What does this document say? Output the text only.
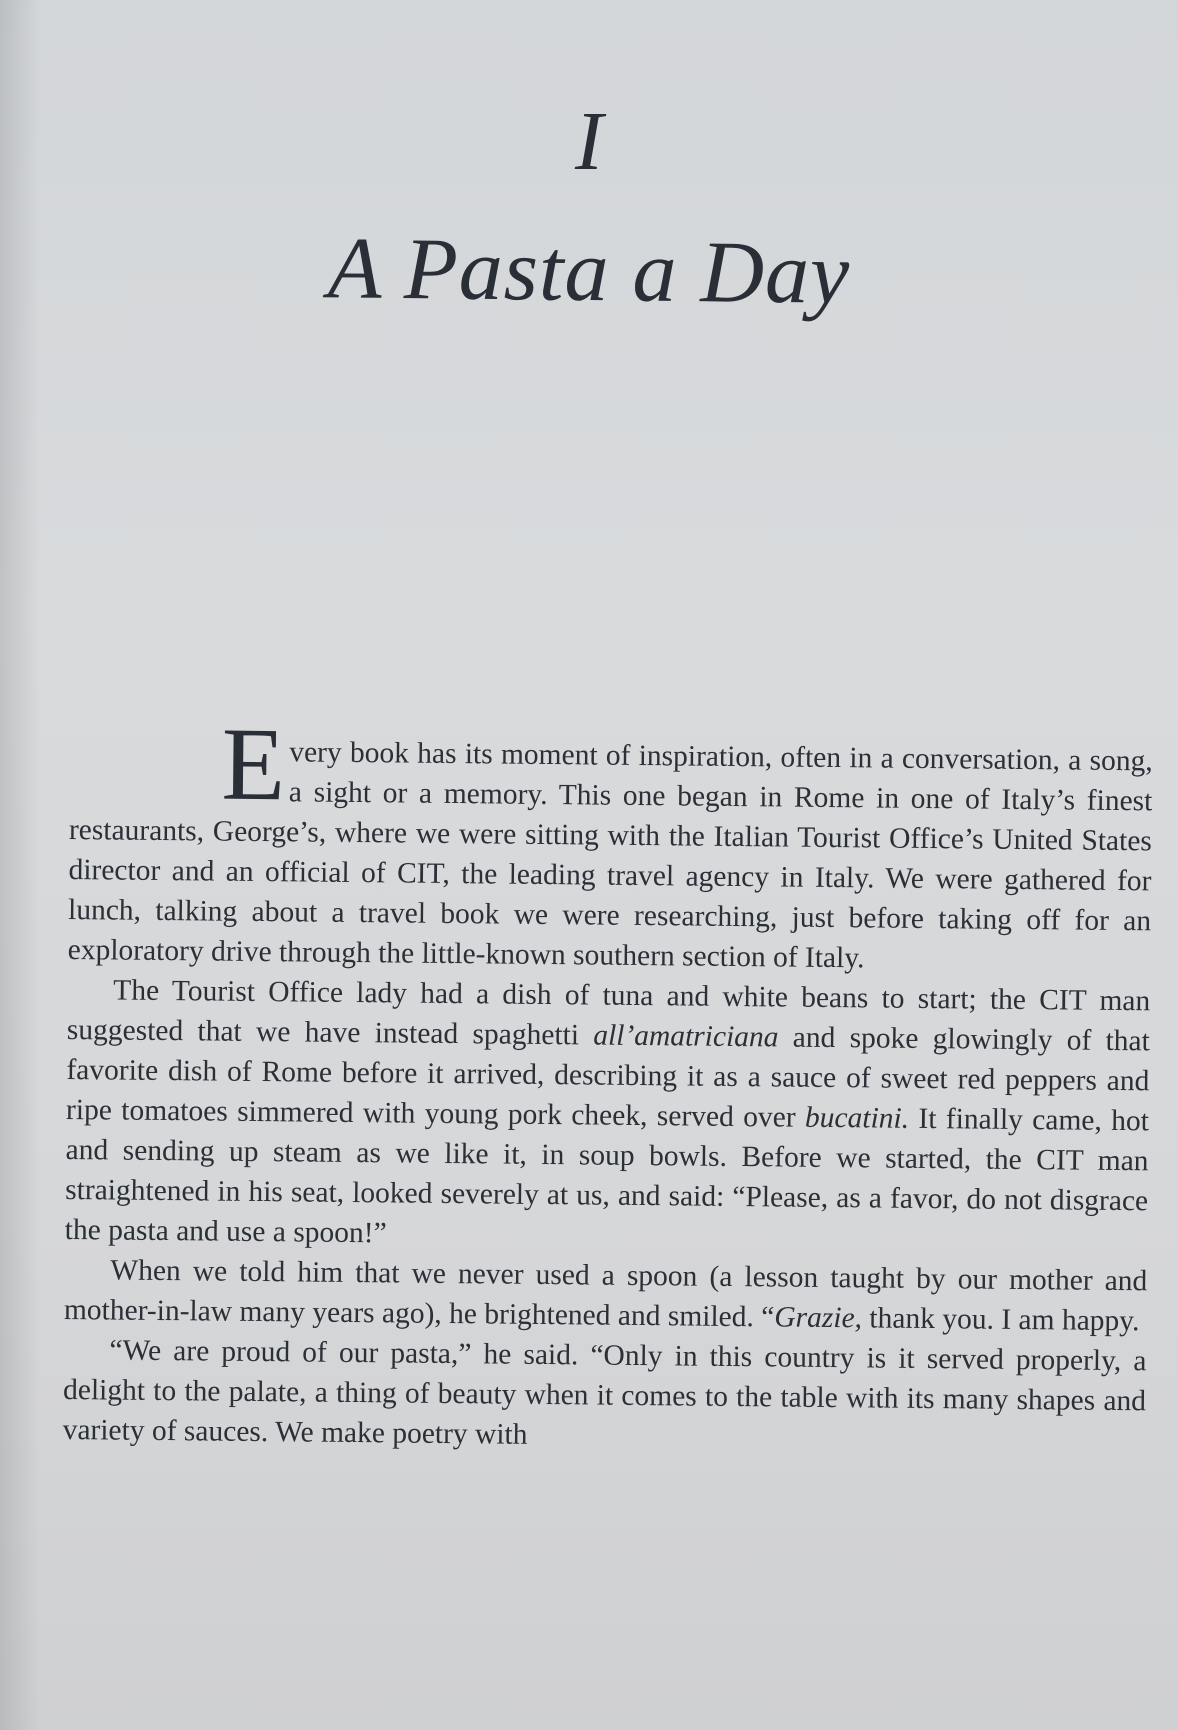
I
A Pasta a Day

Every book has its moment of inspiration, often in a conversation, a song, a sight or a memory. This one began in Rome in one of Italy’s finest restaurants, George’s, where we were sitting with the Italian Tourist Office’s United States director and an official of CIT, the leading travel agency in Italy. We were gathered for lunch, talking about a travel book we were researching, just before taking off for an exploratory drive through the little-known southern section of Italy.

The Tourist Office lady had a dish of tuna and white beans to start; the CIT man suggested that we have instead spaghetti all’amatriciana and spoke glowingly of that favorite dish of Rome before it arrived, describing it as a sauce of sweet red peppers and ripe tomatoes simmered with young pork cheek, served over bucatini. It finally came, hot and sending up steam as we like it, in soup bowls. Before we started, the CIT man straightened in his seat, looked severely at us, and said: “Please, as a favor, do not disgrace the pasta and use a spoon!”

When we told him that we never used a spoon (a lesson taught by our mother and mother-in-law many years ago), he brightened and smiled. “Grazie, thank you. I am happy.

“We are proud of our pasta,” he said. “Only in this country is it served properly, a delight to the palate, a thing of beauty when it comes to the table with its many shapes and variety of sauces. We make poetry with
